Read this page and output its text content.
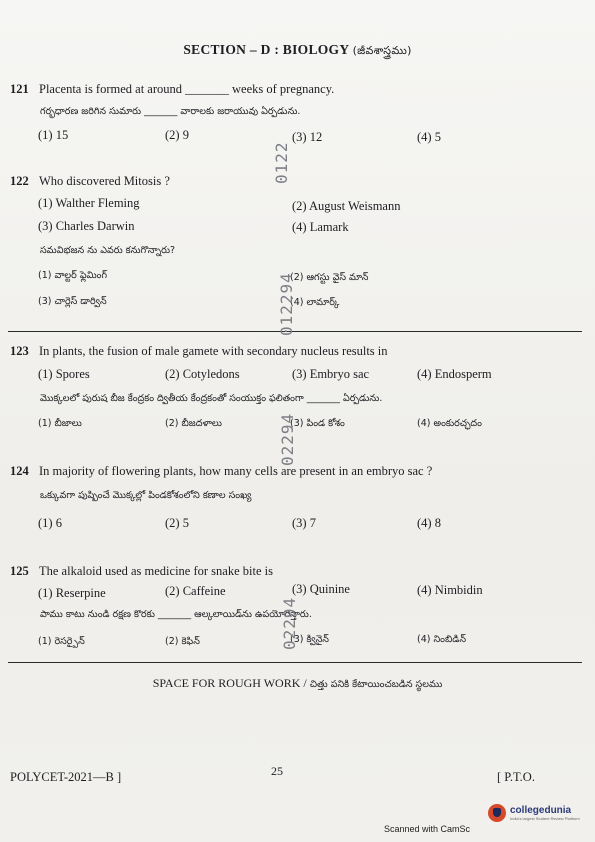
SECTION – D : BIOLOGY (జీవశాస్త్రము)
121 Placenta is formed at around _______ weeks of pregnancy.
గర్భధారణ జరిగిన సుమారు _______ వారాలకు జరాయువు ఏర్పడును.
(1) 15	(2) 9	(3) 12	(4) 5
122 Who discovered Mitosis ?
(1) Walther Fleming	(2) August Weismann
(3) Charles Darwin	(4) Lamark
సమవిభజన ను ఎవరు కనుగొన్నారు?
(1) వాల్టర్ ఫ్లెమింగ్	(2) ఆగస్టు వైస్ మాన్
(3) చార్లెస్ డార్విన్	(4) లామార్క్
123 In plants, the fusion of male gamete with secondary nucleus results in
(1) Spores	(2) Cotyledons	(3) Embryo sac	(4) Endosperm
మొక్కలలో పురుష బీజ కేంద్రకం ద్వితీయ కేంద్రకంతో సంయుక్తం ఫలితంగా _______ ఏర్పడును.
(1) బీజాలు	(2) బీజదళాలు	(3) పిండ కోశం	(4) అంకురచ్ఛదం
124 In majority of flowering plants, how many cells are present in an embryo sac ?
ఒక్కువగా పుష్పించే మొక్కల్లో పిండకోశంలోని కణాల సంఖ్య
(1) 6	(2) 5	(3) 7	(4) 8
125 The alkaloid used as medicine for snake bite is
(1) Reserpine	(2) Caffeine	(3) Quinine	(4) Nimbidin
పాము కాటు నుండి రక్షణ కొరకు _______ ఆల్కలాయిడ్‌ను ఉపయోగిస్తారు.
(1) రెసర్పైన్	(2) కెఫిన్	(3) క్వినైన్	(4) నింబిడిన్
0122
012294
02294
02294
SPACE FOR ROUGH WORK / చిత్తు పనికి కేటాయించబడిన స్థలము
POLYCET-2021—B ]	25	[ P.T.O.
Scanned with CamSc
collegedunia
India's largest Student Review Platform
